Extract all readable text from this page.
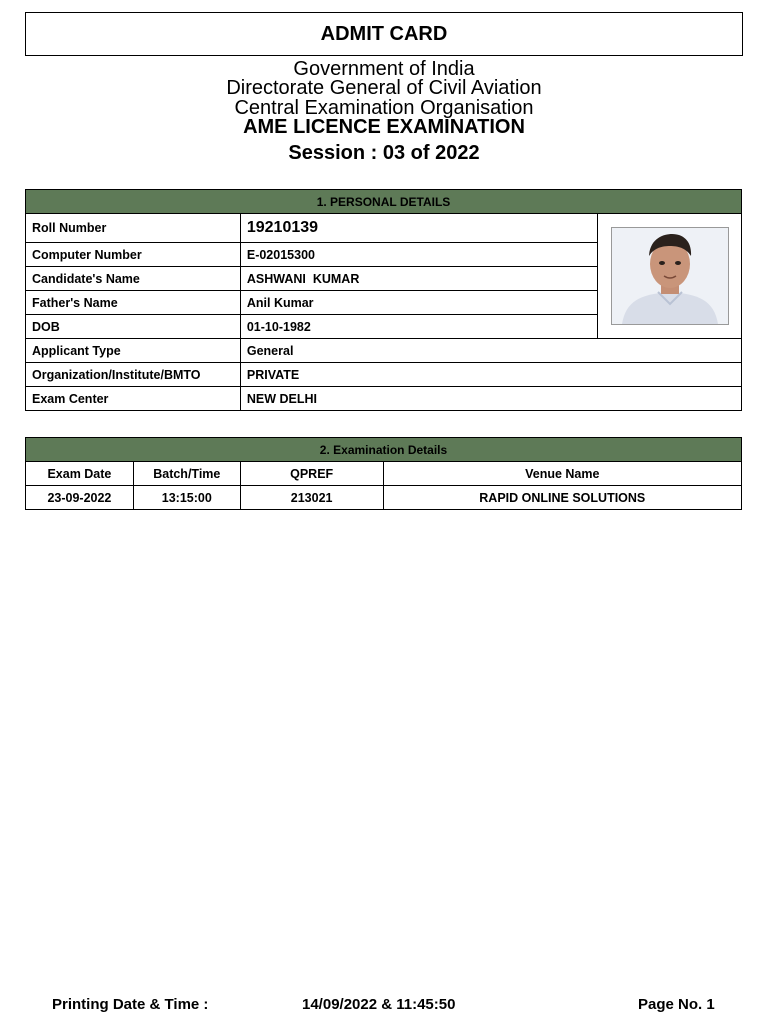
ADMIT CARD
Government of India
Directorate General of Civil Aviation
Central Examination Organisation
AME LICENCE EXAMINATION
Session : 03 of 2022
1. PERSONAL DETAILS		
Roll Number	19210139	

Computer Number	E-02015300	
Candidate's Name	ASHWANI  KUMAR	
Father's Name	Anil Kumar	
DOB	01-10-1982	
Applicant Type	General	
Organization/Institute/BMTO	PRIVATE	
Exam Center	NEW DELHI	
2. Examination Details			
Exam Date	Batch/Time	QPREF	Venue Name
23-09-2022	13:15:00	213021	RAPID ONLINE SOLUTIONS
Printing Date & Time :	14/09/2022 & 11:45:50	Page No. 1
